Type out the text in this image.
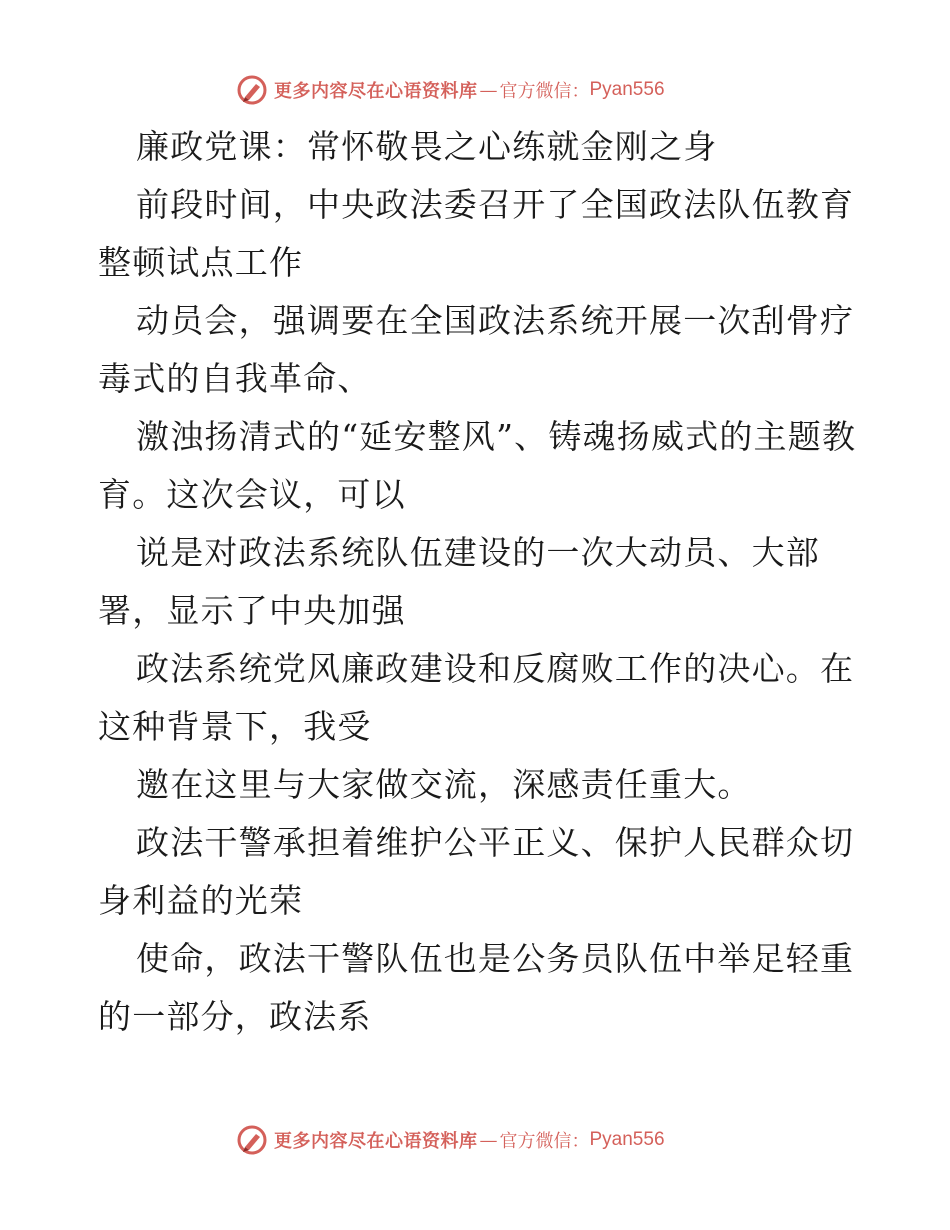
更多内容尽在心语资料库 — 官方微信： Pyan556

廉政党课：常怀敬畏之心练就金刚之身

前段时间，中央政法委召开了全国政法队伍教育整顿试点工作

动员会，强调要在全国政法系统开展一次刮骨疗毒式的自我革命、

激浊扬清式的“延安整风”、铸魂扬威式的主题教育。这次会议，可以

说是对政法系统队伍建设的一次大动员、大部署，显示了中央加强

政法系统党风廉政建设和反腐败工作的决心。在这种背景下，我受

邀在这里与大家做交流，深感责任重大。

政法干警承担着维护公平正义、保护人民群众切身利益的光荣

使命，政法干警队伍也是公务员队伍中举足轻重的一部分，政法系

更多内容尽在心语资料库 — 官方微信： Pyan556
